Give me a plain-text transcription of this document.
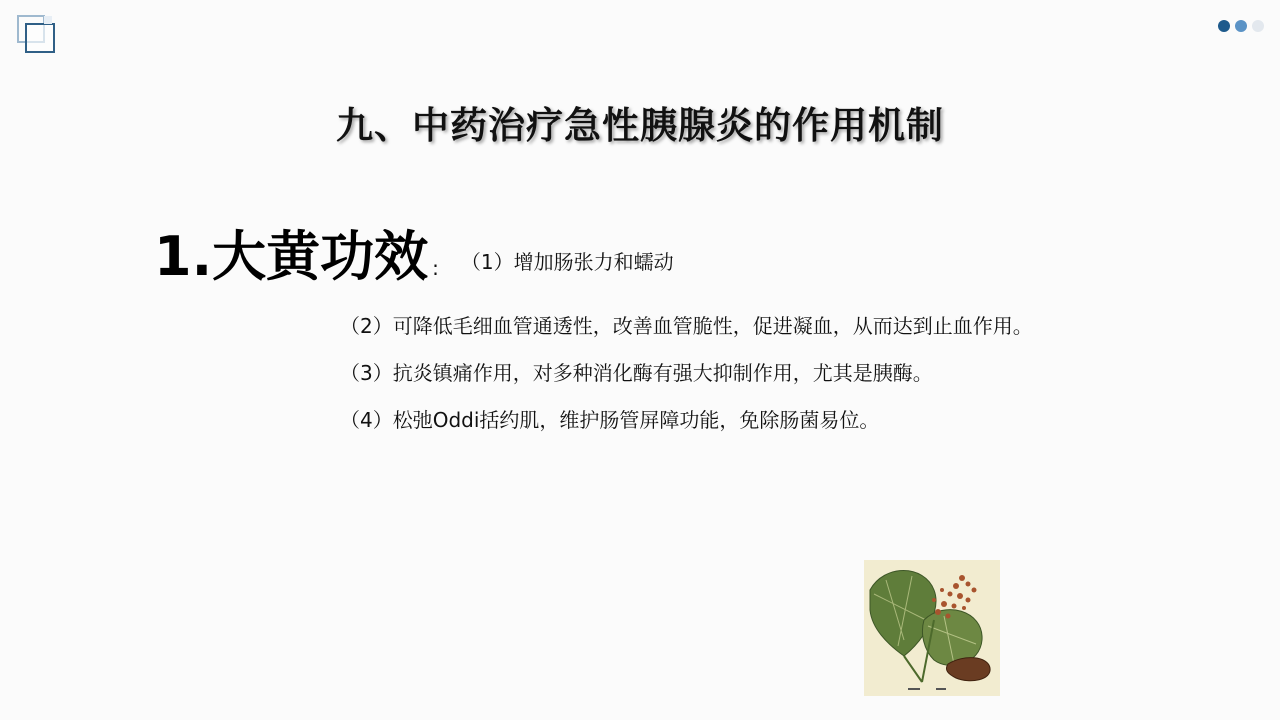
九、中药治疗急性胰腺炎的作用机制
1.大黄功效 : （1）增加肠张力和蠕动
（2）可降低毛细血管通透性，改善血管脆性，促进凝血，从而达到止血作用。
（3）抗炎镇痛作用，对多种消化酶有强大抑制作用，尤其是胰酶。
（4）松弛Oddi括约肌，维护肠管屏障功能，免除肠菌易位。
